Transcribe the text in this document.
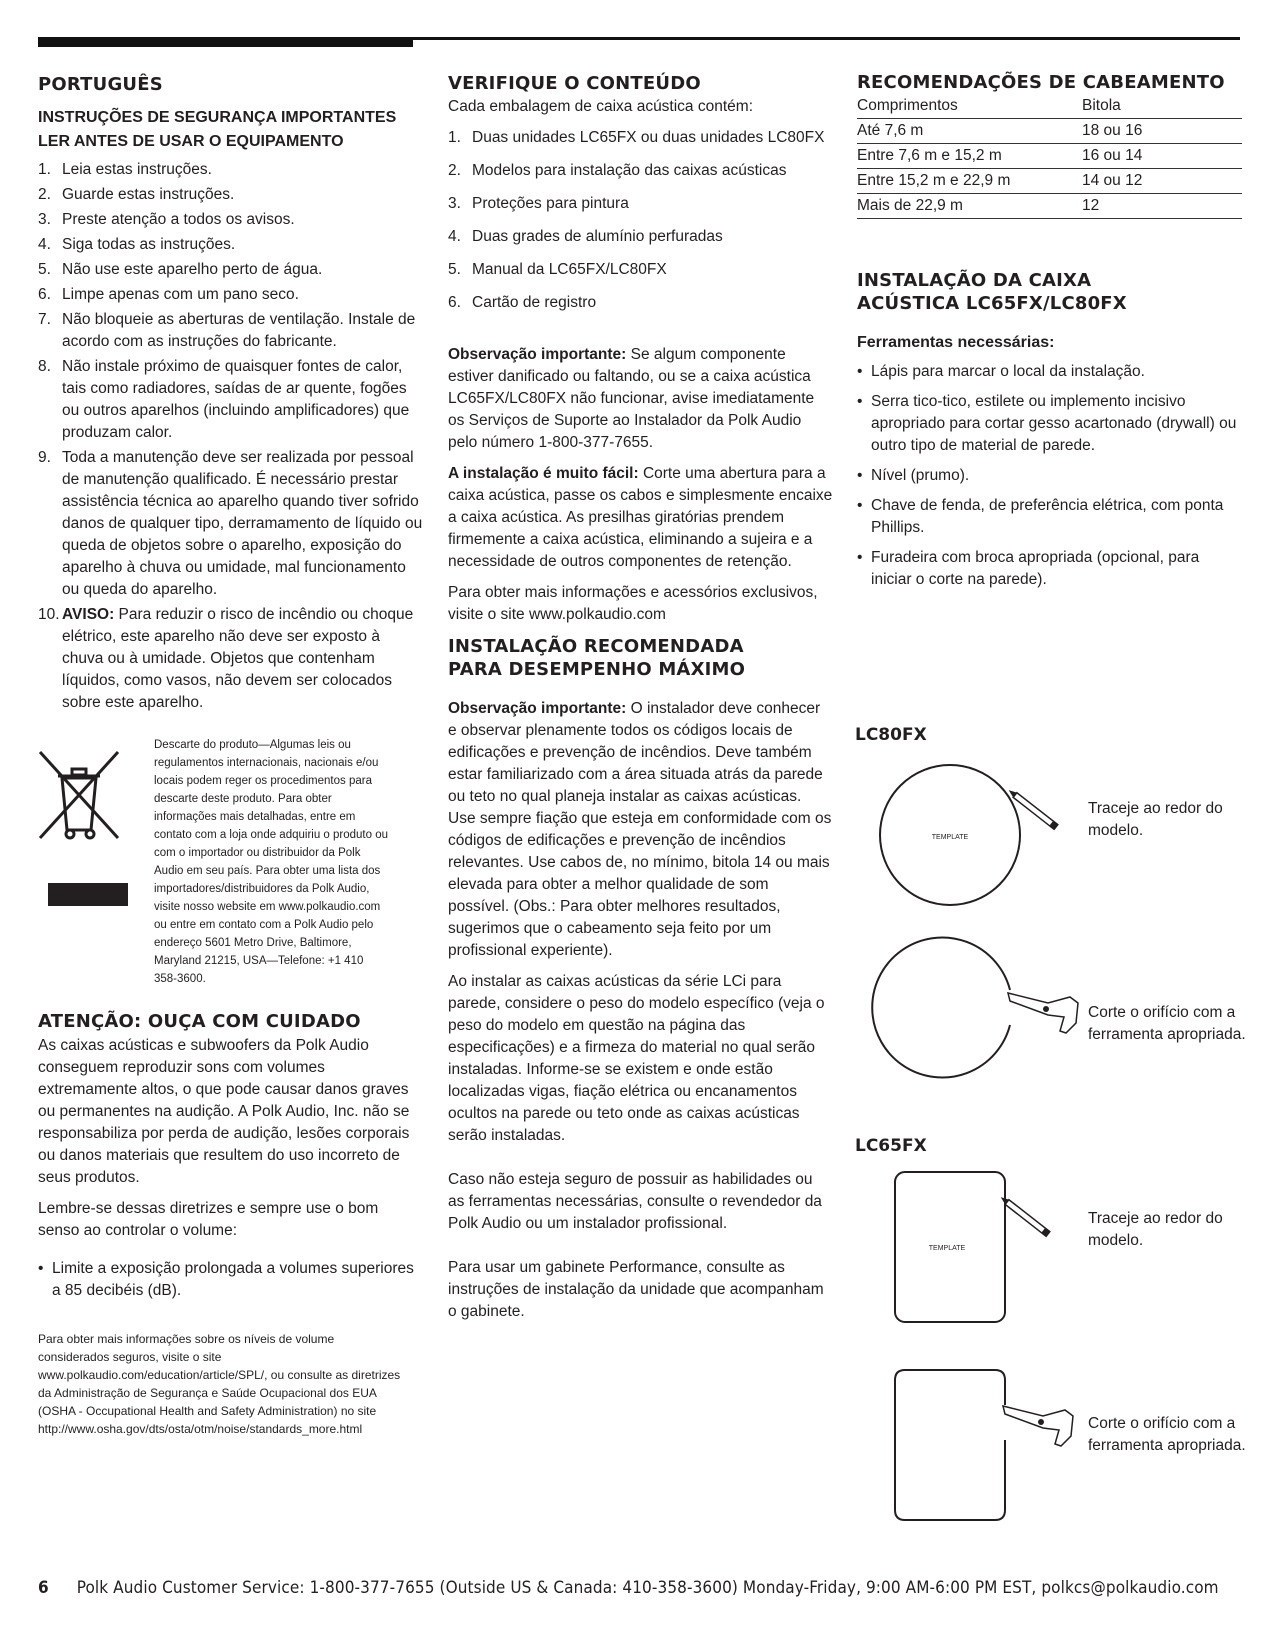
PORTUGUÊS
INSTRUÇÕES DE SEGURANÇA IMPORTANTES
LER ANTES DE USAR O EQUIPAMENTO
1. Leia estas instruções.
2. Guarde estas instruções.
3. Preste atenção a todos os avisos.
4. Siga todas as instruções.
5. Não use este aparelho perto de água.
6. Limpe apenas com um pano seco.
7. Não bloqueie as aberturas de ventilação. Instale de acordo com as instruções do fabricante.
8. Não instale próximo de quaisquer fontes de calor, tais como radiadores, saídas de ar quente, fogões ou outros aparelhos (incluindo amplificadores) que produzam calor.
9. Toda a manutenção deve ser realizada por pessoal de manutenção qualificado. É necessário prestar assistência técnica ao aparelho quando tiver sofrido danos de qualquer tipo, derramamento de líquido ou queda de objetos sobre o aparelho, exposição do aparelho à chuva ou umidade, mal funcionamento ou queda do aparelho.
10. AVISO: Para reduzir o risco de incêndio ou choque elétrico, este aparelho não deve ser exposto à chuva ou à umidade. Objetos que contenham líquidos, como vasos, não devem ser colocados sobre este aparelho.

Descarte do produto—Algumas leis ou regulamentos internacionais, nacionais e/ou locais podem reger os procedimentos para descarte deste produto. Para obter informações mais detalhadas, entre em contato com a loja onde adquiriu o produto ou com o importador ou distribuidor da Polk Audio em seu país. Para obter uma lista dos importadores/distribuidores da Polk Audio, visite nosso website em www.polkaudio.com ou entre em contato com a Polk Audio pelo endereço 5601 Metro Drive, Baltimore, Maryland 21215, USA—Telefone: +1 410 358-3600.

ATENÇÃO: OUÇA COM CUIDADO

As caixas acústicas e subwoofers da Polk Audio conseguem reproduzir sons com volumes extremamente altos, o que pode causar danos graves ou permanentes na audição. A Polk Audio, Inc. não se responsabiliza por perda de audição, lesões corporais ou danos materiais que resultem do uso incorreto de seus produtos.

Lembre-se dessas diretrizes e sempre use o bom senso ao controlar o volume:

• Limite a exposição prolongada a volumes superiores a 85 decibéis (dB).

Para obter mais informações sobre os níveis de volume considerados seguros, visite o site www.polkaudio.com/education/article/SPL/, ou consulte as diretrizes da Administração de Segurança e Saúde Ocupacional dos EUA (OSHA - Occupational Health and Safety Administration) no site http://www.osha.gov/dts/osta/otm/noise/standards_more.html

VERIFIQUE O CONTEÚDO

Cada embalagem de caixa acústica contém:

1. Duas unidades LC65FX ou duas unidades LC80FX
2. Modelos para instalação das caixas acústicas
3. Proteções para pintura
4. Duas grades de alumínio perfuradas
5. Manual da LC65FX/LC80FX
6. Cartão de registro

Observação importante: Se algum componente estiver danificado ou faltando, ou se a caixa acústica LC65FX/LC80FX não funcionar, avise imediatamente os Serviços de Suporte ao Instalador da Polk Audio pelo número 1-800-377-7655.

A instalação é muito fácil: Corte uma abertura para a caixa acústica, passe os cabos e simplesmente encaixe a caixa acústica. As presilhas giratórias prendem firmemente a caixa acústica, eliminando a sujeira e a necessidade de outros componentes de retenção.

Para obter mais informações e acessórios exclusivos, visite o site www.polkaudio.com

INSTALAÇÃO RECOMENDADA
PARA DESEMPENHO MÁXIMO

Observação importante: O instalador deve conhecer e observar plenamente todos os códigos locais de edificações e prevenção de incêndios. Deve também estar familiarizado com a área situada atrás da parede ou teto no qual planeja instalar as caixas acústicas. Use sempre fiação que esteja em conformidade com os códigos de edificações e prevenção de incêndios relevantes. Use cabos de, no mínimo, bitola 14 ou mais elevada para obter a melhor qualidade de som possível. (Obs.: Para obter melhores resultados, sugerimos que o cabeamento seja feito por um profissional experiente).

Ao instalar as caixas acústicas da série LCi para parede, considere o peso do modelo específico (veja o peso do modelo em questão na página das especificações) e a firmeza do material no qual serão instaladas. Informe-se se existem e onde estão localizadas vigas, fiação elétrica ou encanamentos ocultos na parede ou teto onde as caixas acústicas serão instaladas.

Caso não esteja seguro de possuir as habilidades ou as ferramentas necessárias, consulte o revendedor da Polk Audio ou um instalador profissional.

Para usar um gabinete Performance, consulte as instruções de instalação da unidade que acompanham o gabinete.

RECOMENDAÇÕES DE CABEAMENTO
Comprimentos	Bitola
Até 7,6 m	18 ou 16
Entre 7,6 m e 15,2 m	16 ou 14
Entre 15,2 m e 22,9 m	14 ou 12
Mais de 22,9 m	12
INSTALAÇÃO DA CAIXA
ACÚSTICA LC65FX/LC80FX
Ferramentas necessárias:
• Lápis para marcar o local da instalação.
• Serra tico-tico, estilete ou implemento incisivo apropriado para cortar gesso acartonado (drywall) ou outro tipo de material de parede.
• Nível (prumo).
• Chave de fenda, de preferência elétrica, com ponta Phillips.
• Furadeira com broca apropriada (opcional, para iniciar o corte na parede).
LC80FX
TEMPLATE
Traceje ao redor do modelo.
Corte o orifício com a ferramenta apropriada.
LC65FX
TEMPLATE
Traceje ao redor do modelo.
Corte o orifício com a ferramenta apropriada.
6 Polk Audio Customer Service: 1-800-377-7655 (Outside US & Canada: 410-358-3600) Monday-Friday, 9:00 AM-6:00 PM EST, polkcs@polkaudio.com
